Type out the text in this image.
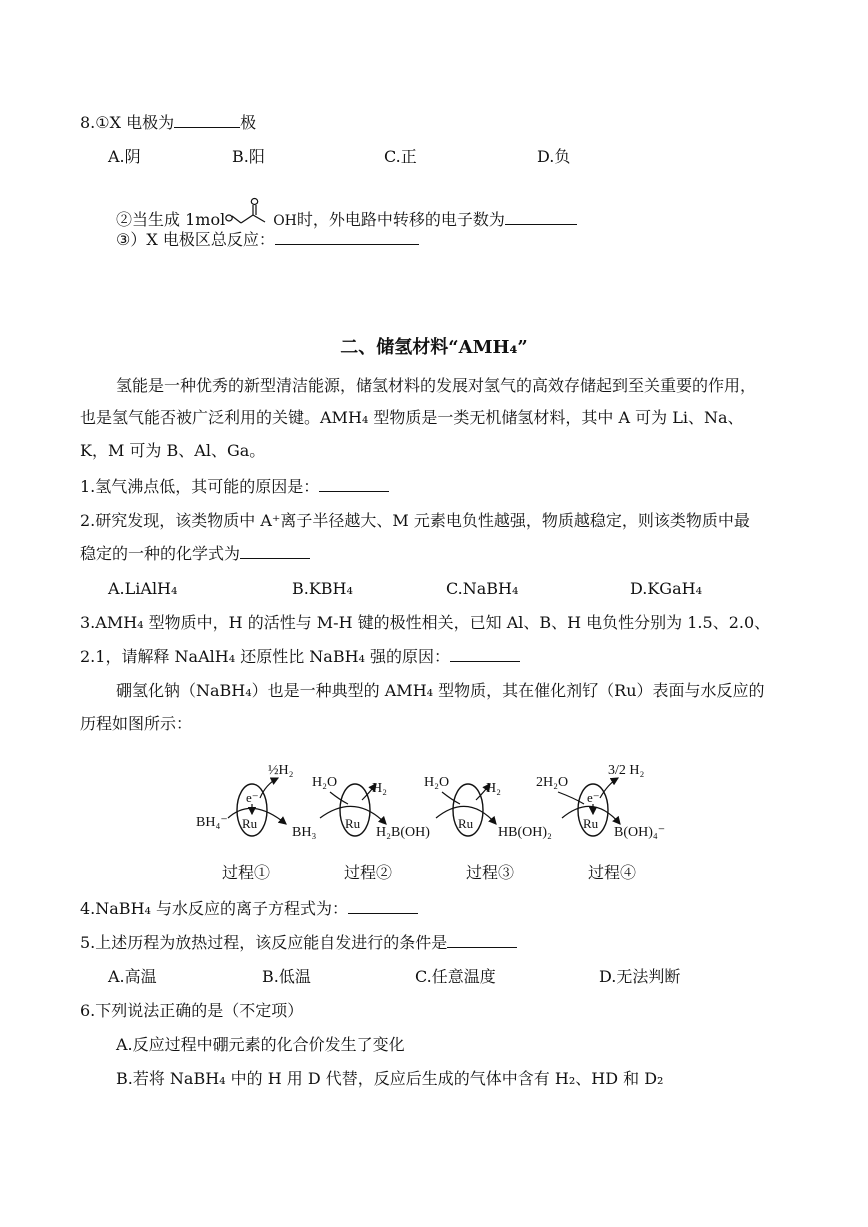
8.①X 电极为	极
A.阴	B.阳	C.正	D.负
②当生成 1mol	OH时，外电路中转移的电子数为
③）X 电极区总反应：
二、储氢材料“AMH₄”
氢能是一种优秀的新型清洁能源，储氢材料的发展对氢气的高效存储起到至关重要的作用，
也是氢气能否被广泛利用的关键。AMH₄ 型物质是一类无机储氢材料，其中 A 可为 Li、Na、
K，M 可为 B、Al、Ga。
1.氢气沸点低，其可能的原因是：
2.研究发现，该类物质中 A⁺离子半径越大、M 元素电负性越强，物质越稳定，则该类物质中最
稳定的一种的化学式为
A.LiAlH₄	B.KBH₄	C.NaBH₄	D.KGaH₄
3.AMH₄ 型物质中，H 的活性与 M-H 键的极性相关，已知 Al、B、H 电负性分别为 1.5、2.0、
2.1，请解释 NaAlH₄ 还原性比 NaBH₄ 强的原因：
硼氢化钠（NaBH₄）也是一种典型的 AMH₄ 型物质，其在催化剂钌（Ru）表面与水反应的
历程如图所示：
BH₄⁻
BH₃	H₂B(OH)	HB(OH)₂	B(OH)₄⁻
H₂O	H₂O	2H₂O
½H₂
H₂	H₂
3/2 H₂
Ru	Ru	Ru	Ru
e⁻	e⁻
过程①	过程②	过程③	过程④
4.NaBH₄ 与水反应的离子方程式为：
5.上述历程为放热过程，该反应能自发进行的条件是
A.高温	B.低温	C.任意温度	D.无法判断
6.下列说法正确的是（不定项）
A.反应过程中硼元素的化合价发生了变化
B.若将 NaBH₄ 中的 H 用 D 代替，反应后生成的气体中含有 H₂、HD 和 D₂
